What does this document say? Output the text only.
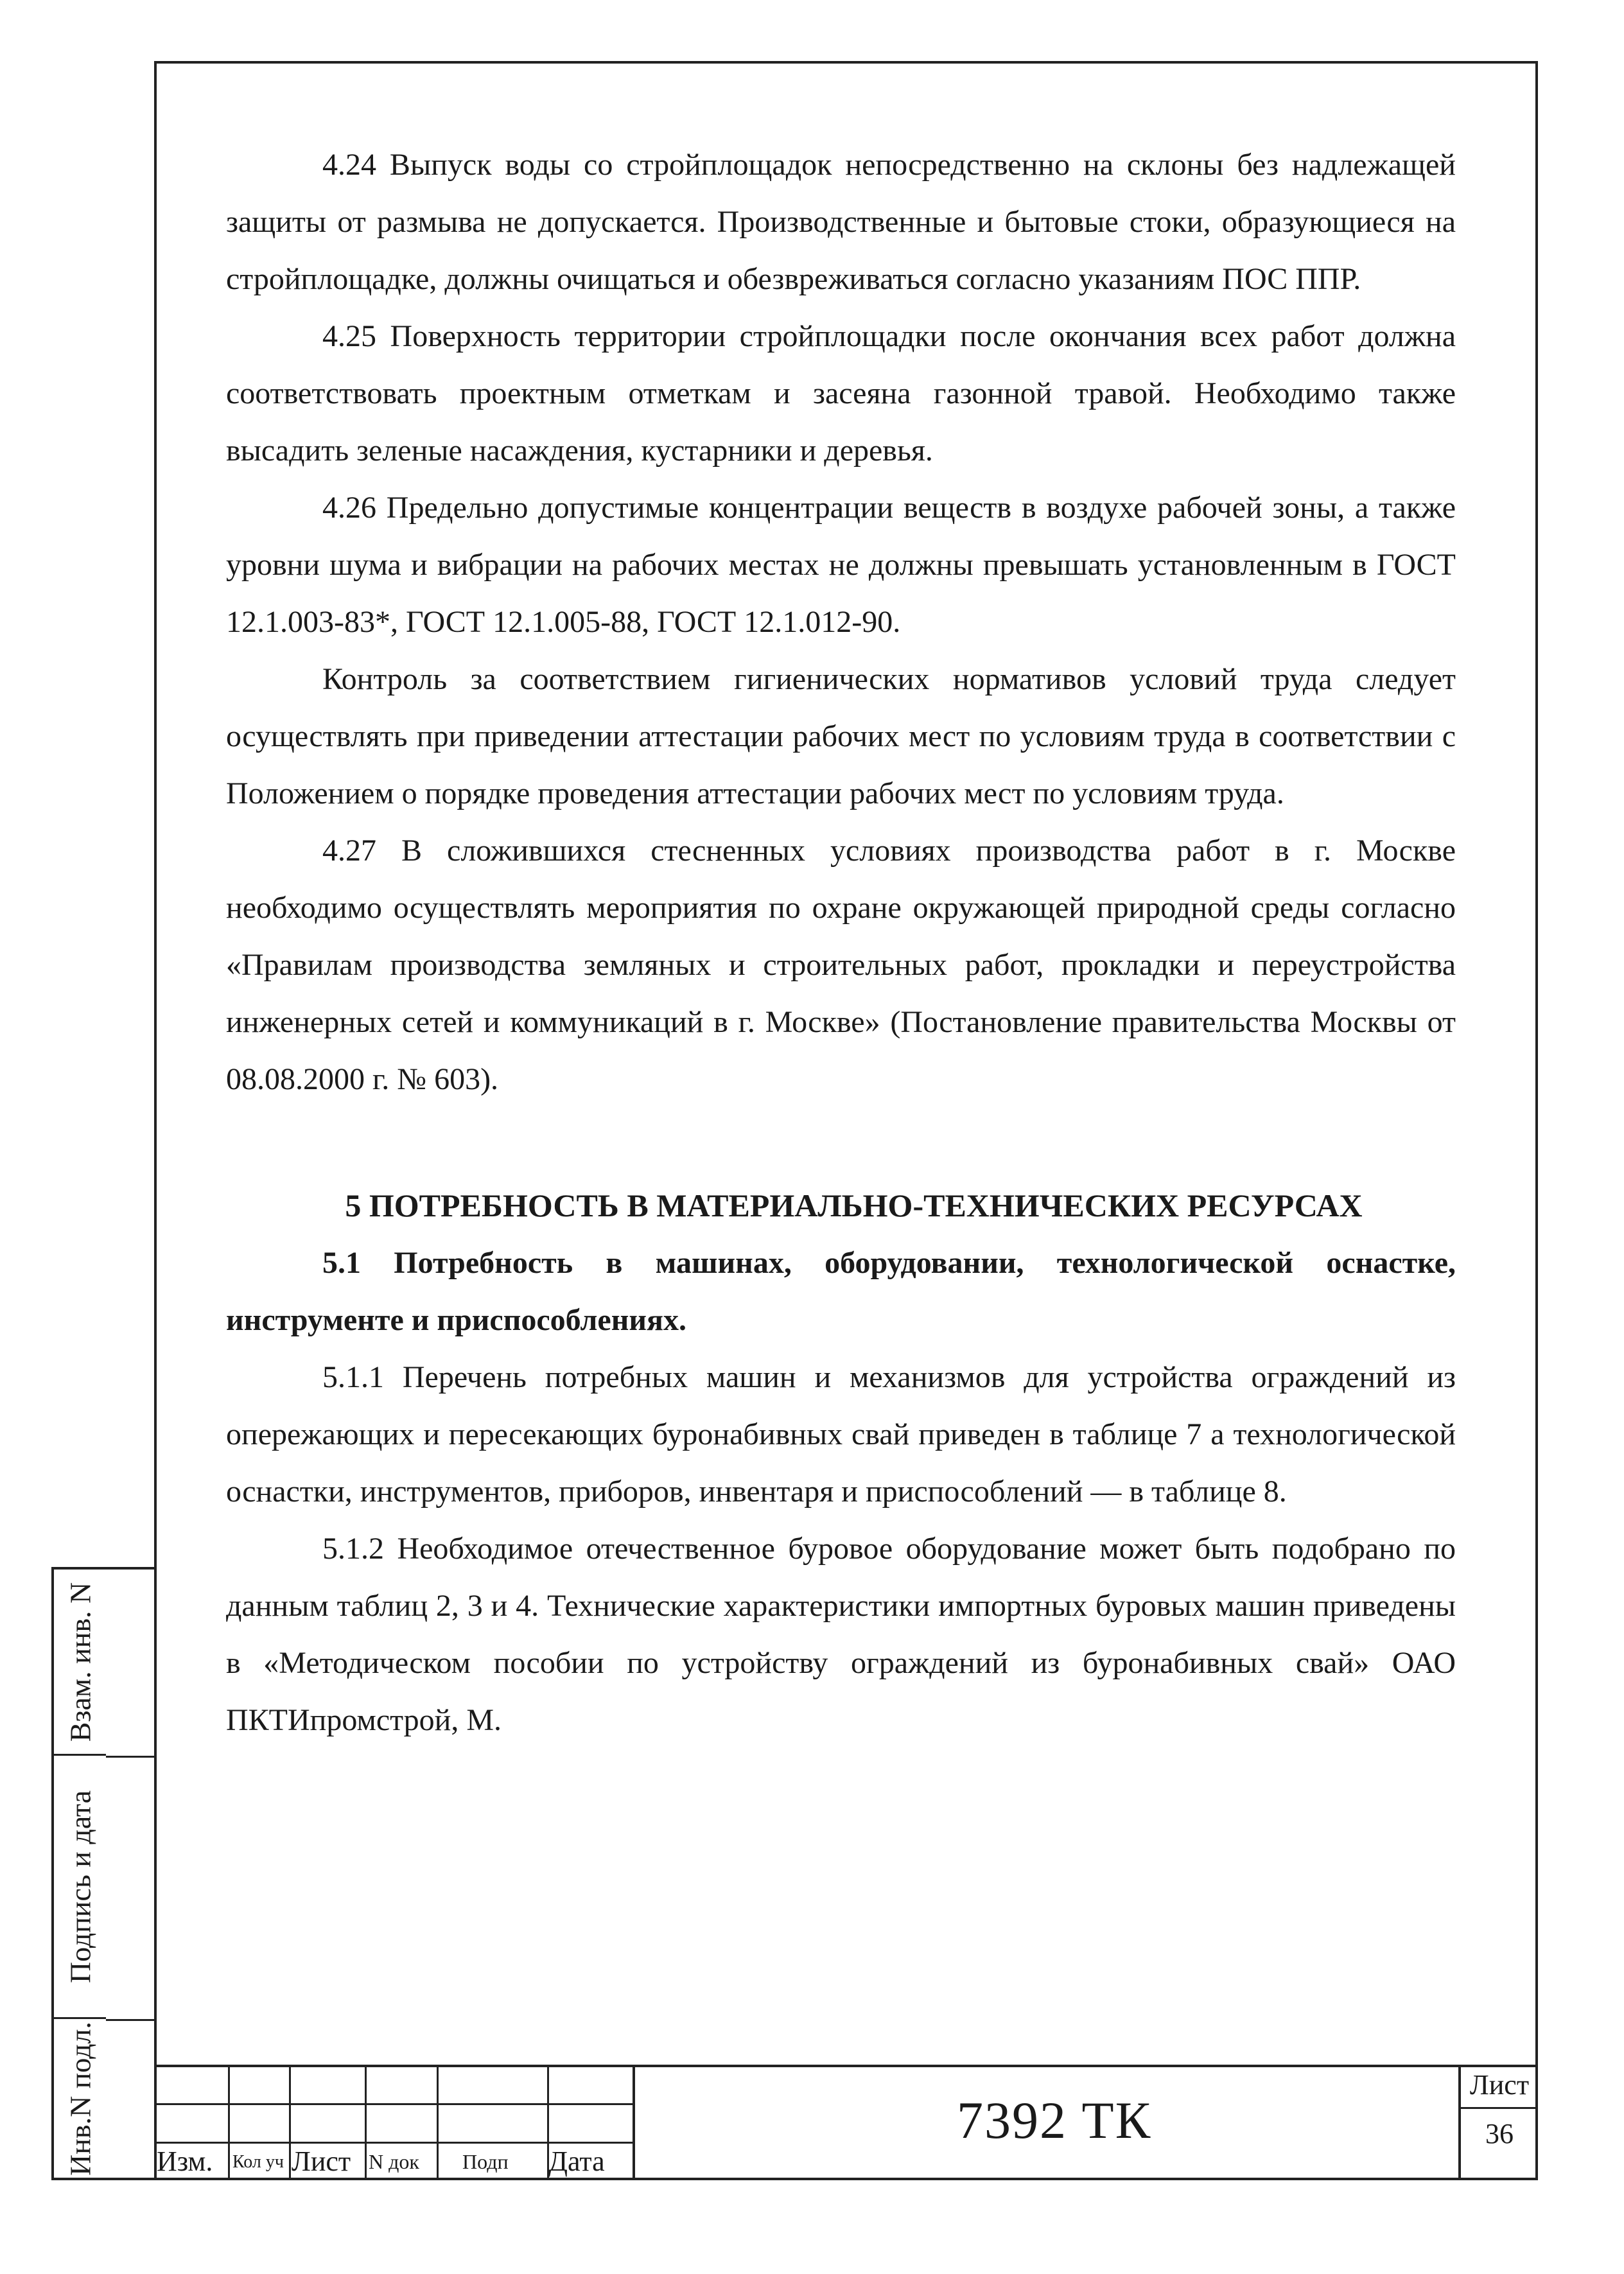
4.24 Выпуск воды со стройплощадок непосредственно на склоны без надлежащей защиты от размыва не допускается. Производственные и бытовые стоки, образующиеся на стройплощадке, должны очищаться и обезвреживаться согласно указаниям ПОС ППР.

4.25 Поверхность территории стройплощадки после окончания всех работ должна соответствовать проектным отметкам и засеяна газонной травой. Необходимо также высадить зеленые насаждения, кустарники и деревья.

4.26 Предельно допустимые концентрации веществ в воздухе рабочей зоны, а также уровни шума и вибрации на рабочих местах не должны превышать установленным в ГОСТ 12.1.003-83*, ГОСТ 12.1.005-88, ГОСТ 12.1.012-90.

Контроль за соответствием гигиенических нормативов условий труда следует осуществлять при приведении аттестации рабочих мест по условиям труда в соответствии с Положением о порядке проведения аттестации рабочих мест по условиям труда.

4.27 В сложившихся стесненных условиях производства работ в г. Москве необходимо осуществлять мероприятия по охране окружающей природной среды согласно «Правилам производства земляных и строительных работ, прокладки и переустройства инженерных сетей и коммуникаций в г. Москве» (Постановление правительства Москвы от 08.08.2000 г. № 603).

5 ПОТРЕБНОСТЬ В МАТЕРИАЛЬНО-ТЕХНИЧЕСКИХ РЕСУРСАХ

5.1 Потребность в машинах, оборудовании, технологической оснастке, инструменте и приспособлениях.

5.1.1 Перечень потребных машин и механизмов для устройства ограждений из опережающих и пересекающих буронабивных свай приведен в таблице 7 а технологической оснастки, инструментов, приборов, инвентаря и приспособлений — в таблице 8.

5.1.2 Необходимое отечественное буровое оборудование может быть подобрано по данным таблиц 2, 3 и 4. Технические характеристики импортных буровых машин приведены в «Методическом пособии по устройству ограждений из буронабивных свай» ОАО ПКТИпромстрой, М.

Взам. инв. N
Подпись и дата
Инв.N подл. Изм. Кол уч Лист N док Подп Дата
7392 ТК
Лист
36
